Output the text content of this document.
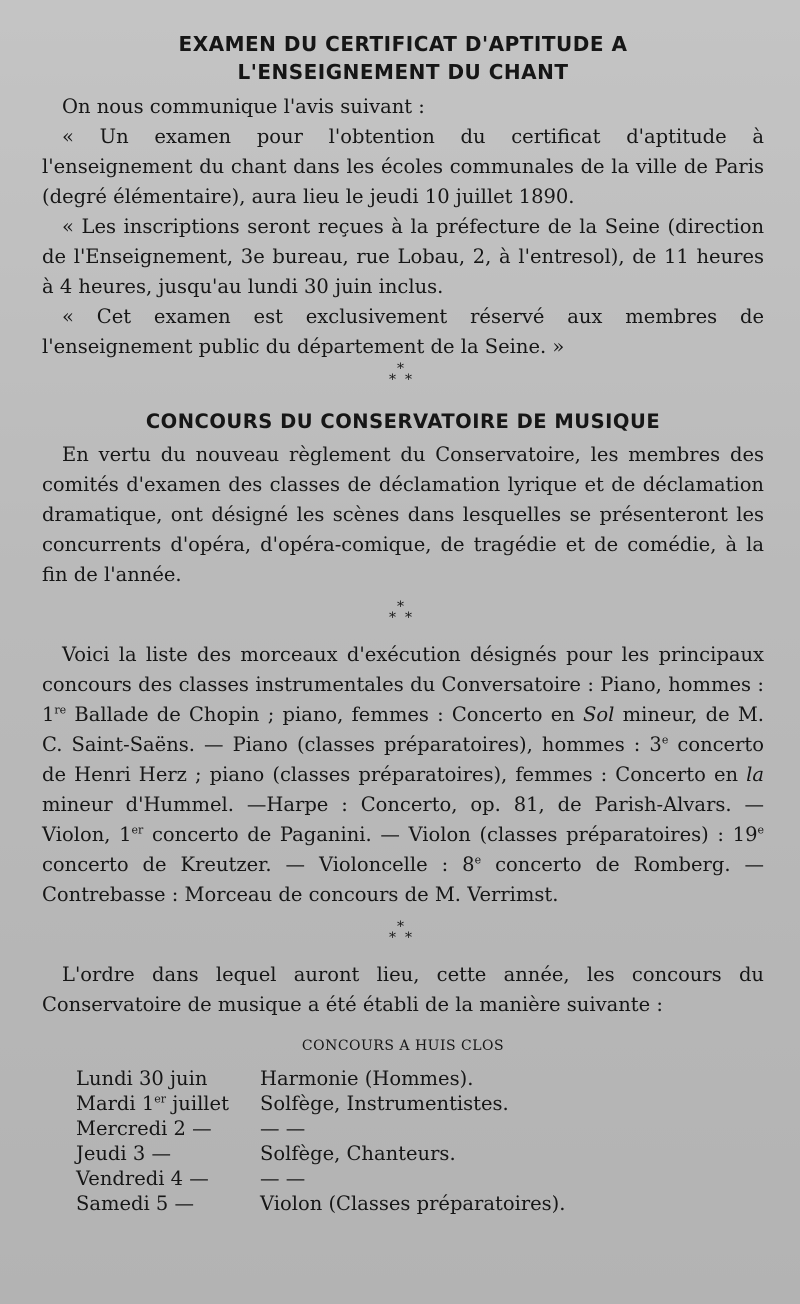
EXAMEN DU CERTIFICAT D'APTITUDE A
L'ENSEIGNEMENT DU CHANT

On nous communique l'avis suivant :

« Un examen pour l'obtention du certificat d'aptitude à l'enseignement du chant dans les écoles communales de la ville de Paris (degré élémentaire), aura lieu le jeudi 10 juillet 1890.

« Les inscriptions seront reçues à la préfecture de la Seine (direction de l'Enseignement, 3e bureau, rue Lobau, 2, à l'entresol), de 11 heures à 4 heures, jusqu'au lundi 30 juin inclus.

« Cet examen est exclusivement réservé aux membres de l'enseignement public du département de la Seine. »

*
* *
CONCOURS DU CONSERVATOIRE DE MUSIQUE

En vertu du nouveau règlement du Conservatoire, les membres des comités d'examen des classes de déclamation lyrique et de déclamation dramatique, ont désigné les scènes dans lesquelles se présenteront les concurrents d'opéra, d'opéra-comique, de tragédie et de comédie, à la fin de l'année.

*
* *

Voici la liste des morceaux d'exécution désignés pour les principaux concours des classes instrumentales du Conversatoire : Piano, hommes : 1re Ballade de Chopin ; piano, femmes : Concerto en Sol mineur, de M. C. Saint-Saëns. — Piano (classes préparatoires), hommes : 3e concerto de Henri Herz ; piano (classes préparatoires), femmes : Concerto en la mineur d'Hummel. —Harpe : Concerto, op. 81, de Parish-Alvars. — Violon, 1er concerto de Paganini. — Violon (classes préparatoires) : 19e concerto de Kreutzer. — Violoncelle : 8e concerto de Romberg. — Contrebasse : Morceau de concours de M. Verrimst.

*
* *

L'ordre dans lequel auront lieu, cette année, les concours du Conservatoire de musique a été établi de la manière suivante :

CONCOURS A HUIS CLOS
Lundi 30 juin	Harmonie (Hommes).
Mardi 1er juillet	Solfège, Instrumentistes.
Mercredi 2 —	— —
Jeudi 3 —	Solfège, Chanteurs.
Vendredi 4 —	— —
Samedi 5 —	Violon (Classes préparatoires).
